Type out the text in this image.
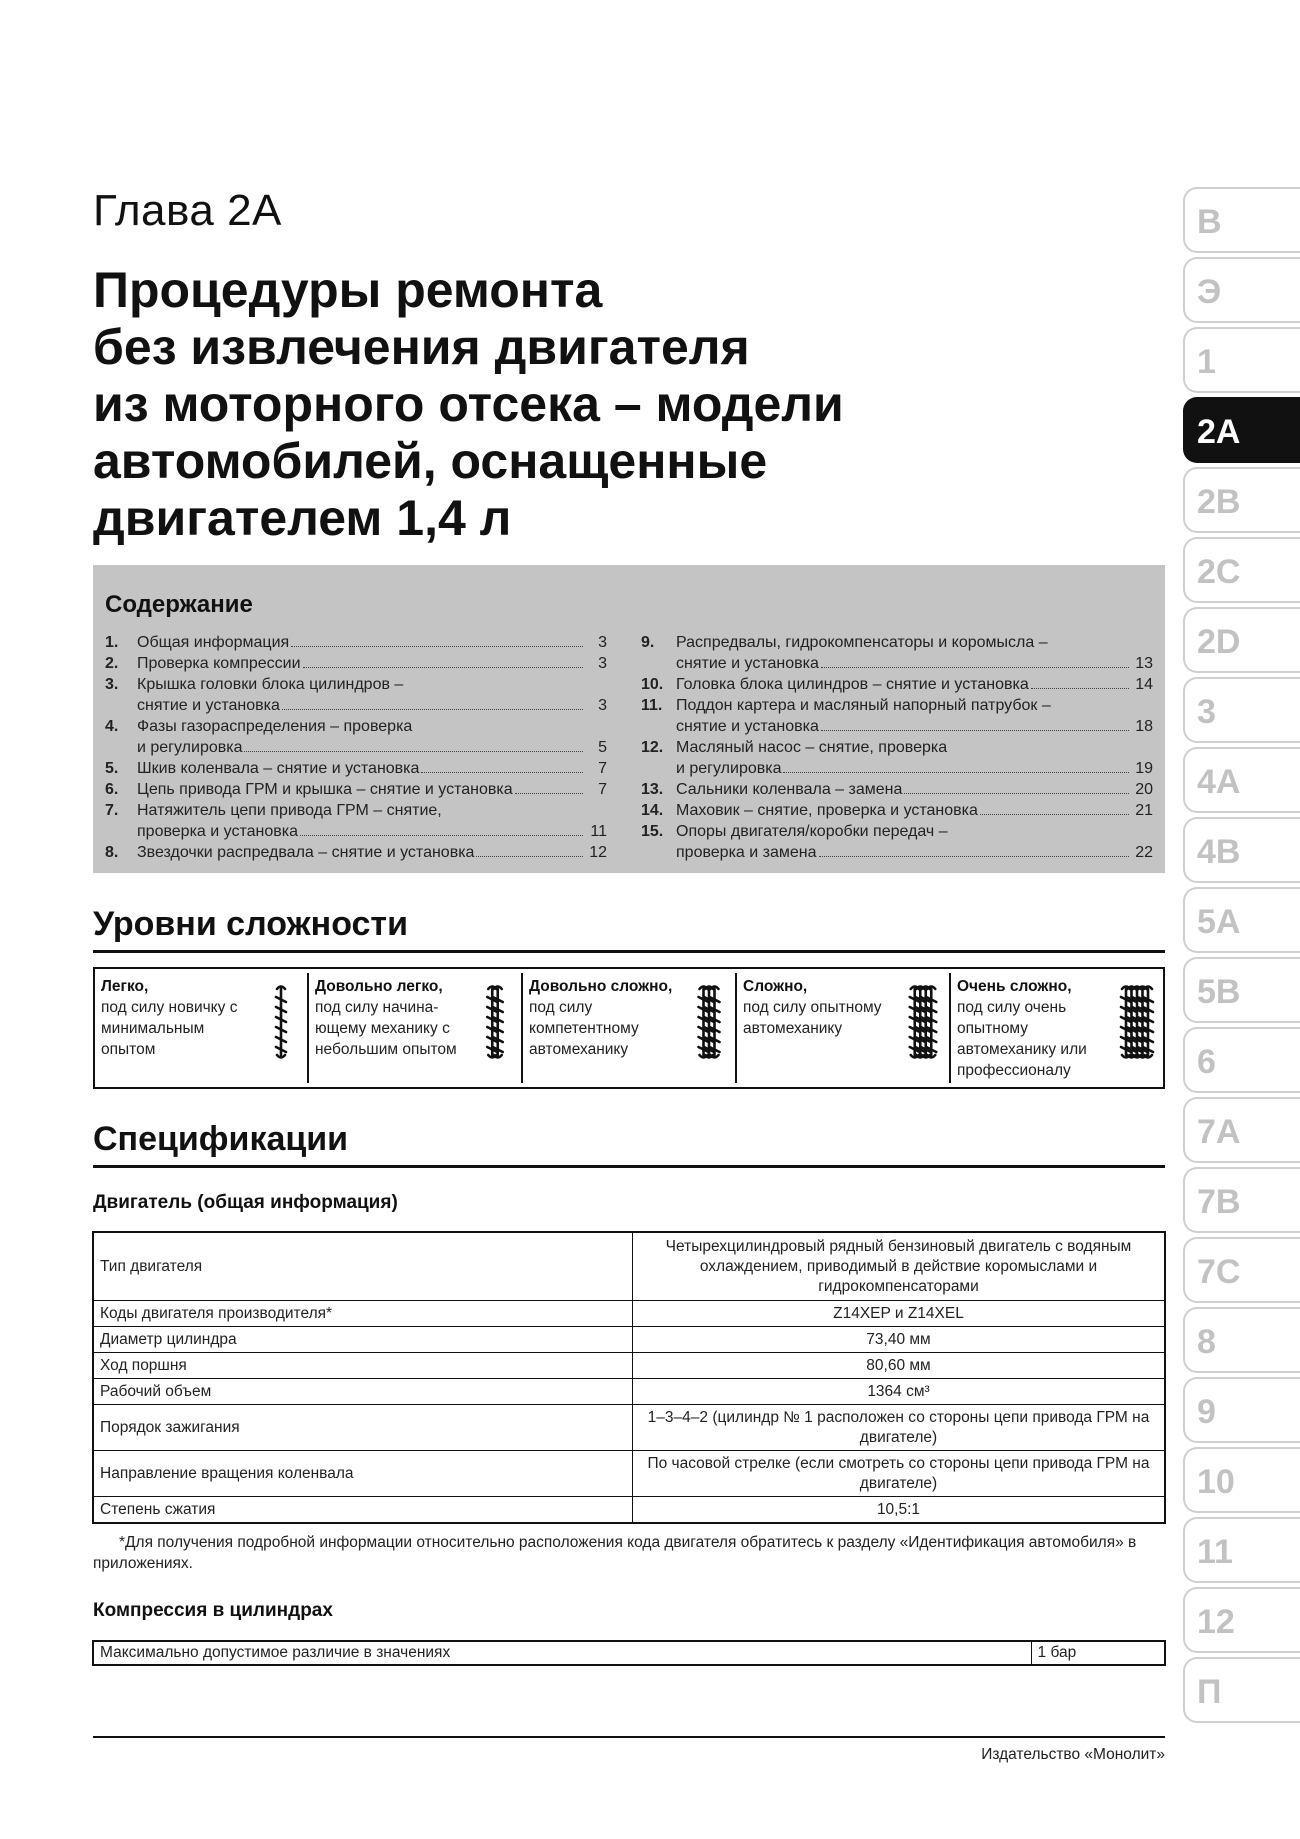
Глава 2А
Процедуры ремонта
без извлечения двигателя
из моторного отсека – модели
автомобилей, оснащенные
двигателем 1,4 л
Содержание
1.	Общая информация	3
2.	Проверка компрессии	3
3.	Крышка головки блока цилиндров –
снятие и установка	3
4.	Фазы газораспределения – проверка
и регулировка	5
5.	Шкив коленвала – снятие и установка	7
6.	Цепь привода ГРМ и крышка – снятие и установка	7
7.	Натяжитель цепи привода ГРМ – снятие,
проверка и установка	11
8.	Звездочки распредвала – снятие и установка	12
9.	Распредвалы, гидрокомпенсаторы и коромысла –
снятие и установка	13
10. Головка блока цилиндров – снятие и установка	14
11. Поддон картера и масляный напорный патрубок –
снятие и установка	18
12. Масляный насос – снятие, проверка
и регулировка	19
13. Сальники коленвала – замена	20
14. Маховик – снятие, проверка и установка	21
15. Опоры двигателя/коробки передач –
проверка и замена	22
Уровни сложности
Легко,
под силу новичку с минимальным опытом
Довольно легко,
под силу начина-ющему механику с небольшим опытом
Довольно сложно,
под силу компетентному автомеханику
Сложно,
под силу опытному автомеханику
Очень сложно,
под силу очень опытному автомеханику или профессионалу
Спецификации
Двигатель (общая информация)
Тип двигателя	Четырехцилиндровый рядный бензиновый двигатель с водяным охлаждением, приводимый в действие коромыслами и гидрокомпенсаторами
Коды двигателя производителя*	Z14XEP и Z14XEL
Диаметр цилиндра	73,40 мм
Ход поршня	80,60 мм
Рабочий объем	1364 см³
Порядок зажигания	1–3–4–2 (цилиндр № 1 расположен со стороны цепи привода ГРМ на двигателе)
Направление вращения коленвала	По часовой стрелке (если смотреть со стороны цепи привода ГРМ на двигателе)
Степень сжатия	10,5:1
*Для получения подробной информации относительно расположения кода двигателя обратитесь к разделу «Идентификация автомобиля» в приложениях.
Компрессия в цилиндрах
Максимально допустимое различие в значениях	1 бар
Издательство «Монолит»
В
Э
1
2A
2B
2C
2D
3
4A
4B
5A
5B
6
7A
7B
7C
8
9
10
11
12
П
